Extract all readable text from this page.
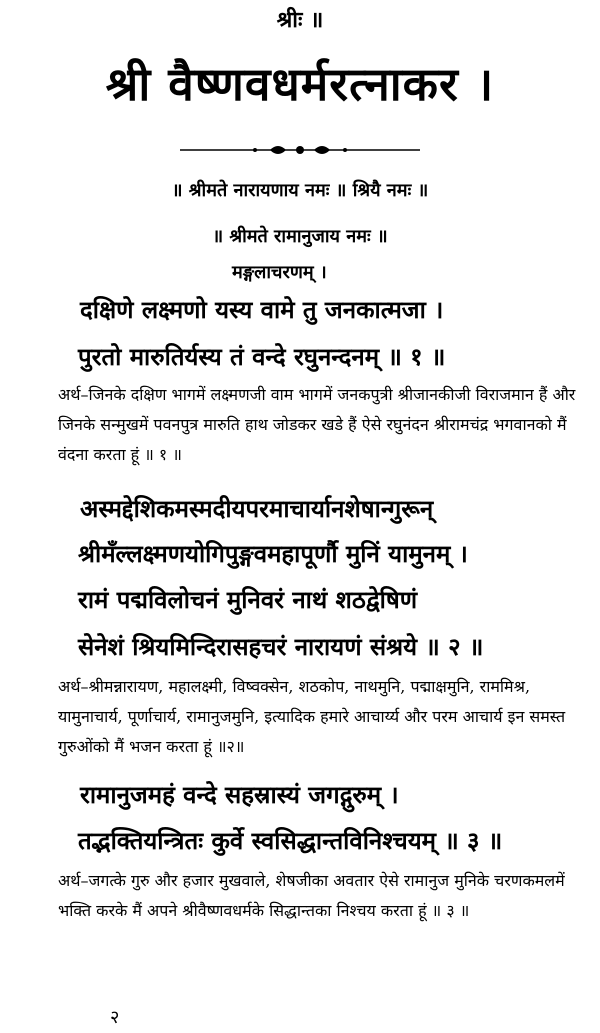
श्रीः ॥
श्री वैष्णवधर्मरत्नाकर ।
॥ श्रीमते नारायणाय नमः ॥ श्रियै नमः ॥
॥ श्रीमते रामानुजाय नमः ॥
मङ्गलाचरणम् ।
दक्षिणे लक्ष्मणो यस्य वामे तु जनकात्मजा ।
पुरतो मारुतिर्यस्य तं वन्दे रघुनन्दनम् ॥ १ ॥
अर्थ–जिनके दक्षिण भागमें लक्ष्मणजी वाम भागमें जनकपुत्री श्रीजानकीजी विराजमान हैं और जिनके सन्मुखमें पवनपुत्र मारुति हाथ जोडकर खडे हैं ऐसे रघुनंदन श्रीरामचंद्र भगवानको मैं वंदना करता हूं ॥ १ ॥
अस्मद्देशिकमस्मदीयपरमाचार्यानशेषान्गुरून्
श्रीमँल्लक्ष्मणयोगिपुङ्गवमहापूर्णौ मुनिं यामुनम् ।
रामं पद्मविलोचनं मुनिवरं नाथं शठद्वेषिणं
सेनेशं श्रियमिन्दिरासहचरं नारायणं संश्रये ॥ २ ॥
अर्थ–श्रीमन्नारायण, महालक्ष्मी, विष्वक्सेन, शठकोप, नाथमुनि, पद्माक्षमुनि, राममिश्र, यामुनाचार्य, पूर्णाचार्य, रामानुजमुनि, इत्यादिक हमारे आचार्य्य और परम आचार्य इन समस्त गुरुओंको मैं भजन करता हूं ॥२॥
रामानुजमहं वन्दे सहस्रास्यं जगद्गुरुम् ।
तद्भक्तियन्त्रितः कुर्वे स्वसिद्धान्तविनिश्चयम् ॥ ३ ॥
अर्थ–जगत्के गुरु और हजार मुखवाले, शेषजीका अवतार ऐसे रामानुज मुनिके चरणकमलमें भक्ति करके मैं अपने श्रीवैष्णवधर्मके सिद्धान्तका निश्चय करता हूं ॥ ३ ॥
२
